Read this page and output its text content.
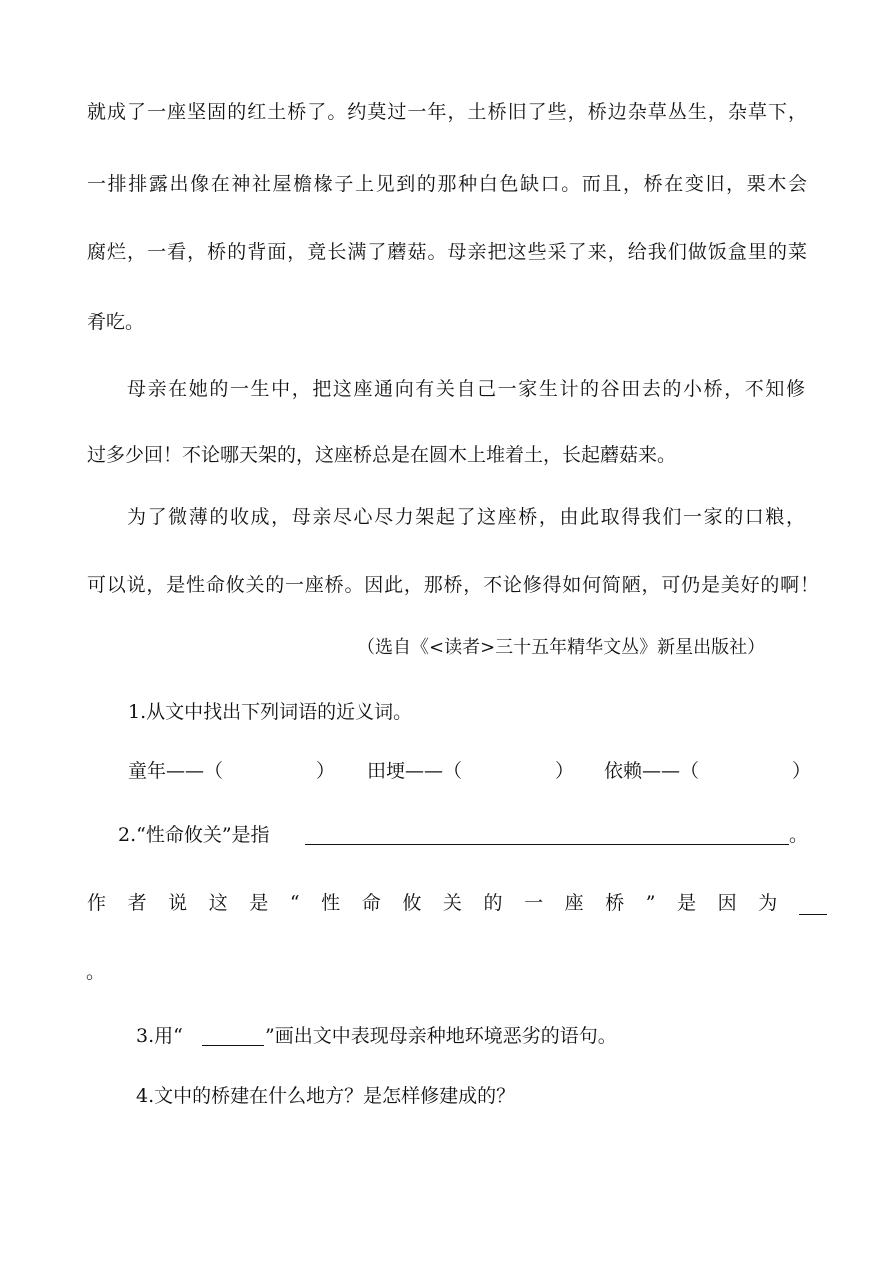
就成了一座坚固的红土桥了。约莫过一年，土桥旧了些，桥边杂草丛生，杂草下，
一排排露出像在神社屋檐椽子上见到的那种白色缺口。而且，桥在变旧，栗木会
腐烂，一看，桥的背面，竟长满了蘑菇。母亲把这些采了来，给我们做饭盒里的菜
肴吃。
母亲在她的一生中，把这座通向有关自己一家生计的谷田去的小桥，不知修
过多少回！不论哪天架的，这座桥总是在圆木上堆着土，长起蘑菇来。
为了微薄的收成，母亲尽心尽力架起了这座桥，由此取得我们一家的口粮，
可以说，是性命攸关的一座桥。因此，那桥，不论修得如何简陋，可仍是美好的啊！
（选自《<读者>三十五年精华文丛》新星出版社）
1.从文中找出下列词语的近义词。
童年——（	） 田埂——（	） 依赖——（	）
2.“性命攸关”是指	。
作 者 说 这 是 “ 性 命 攸 关 的 一 座 桥 ” 是 因 为
。
3.用“	”画出文中表现母亲种地环境恶劣的语句。
4.文中的桥建在什么地方？是怎样修建成的？
